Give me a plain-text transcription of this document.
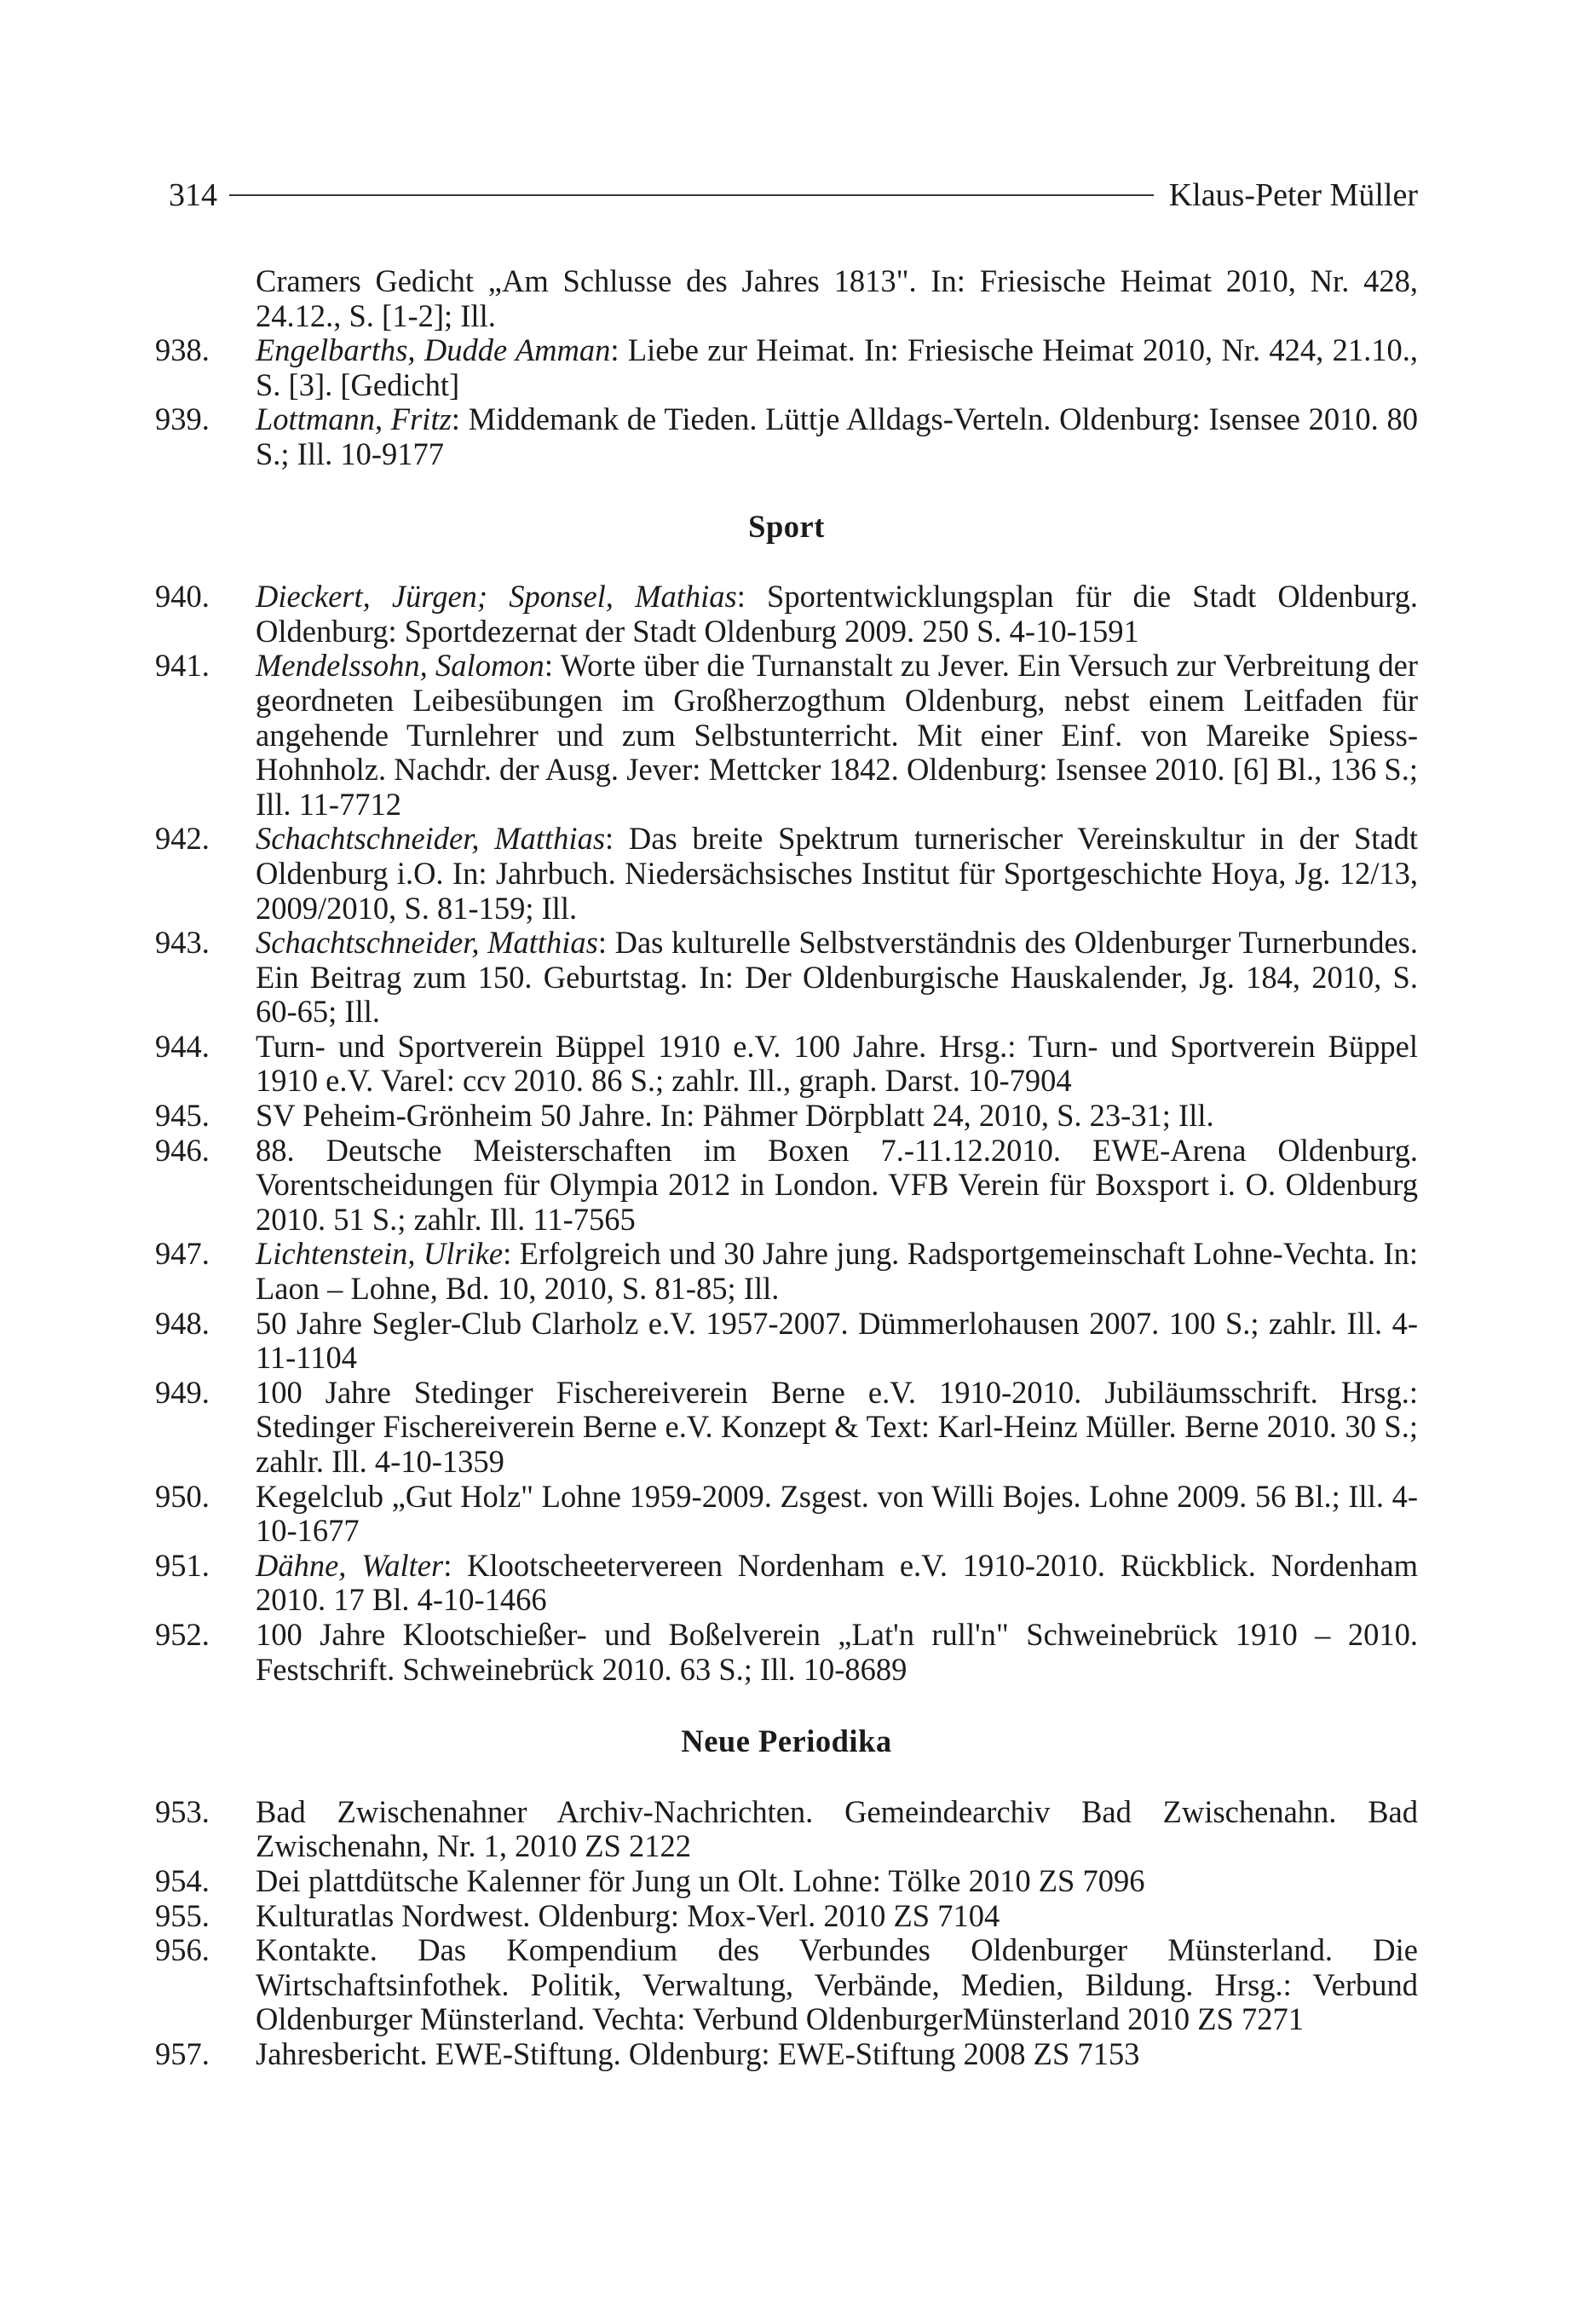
314	Klaus-Peter Müller
Cramers Gedicht „Am Schlusse des Jahres 1813". In: Friesische Heimat 2010, Nr. 428, 24.12., S. [1-2]; Ill.
938.	Engelbarths, Dudde Amman: Liebe zur Heimat. In: Friesische Heimat 2010, Nr. 424, 21.10., S. [3]. [Gedicht]
939.	Lottmann, Fritz: Middemank de Tieden. Lüttje Alldags-Verteln. Oldenburg: Isensee 2010. 80 S.; Ill. 10-9177
Sport
940.	Dieckert, Jürgen; Sponsel, Mathias: Sportentwicklungsplan für die Stadt Oldenburg. Oldenburg: Sportdezernat der Stadt Oldenburg 2009. 250 S. 4-10-1591
941.	Mendelssohn, Salomon: Worte über die Turnanstalt zu Jever. Ein Versuch zur Verbreitung der geordneten Leibesübungen im Großherzogthum Oldenburg, nebst einem Leitfaden für angehende Turnlehrer und zum Selbstunterricht. Mit einer Einf. von Mareike Spiess-Hohnholz. Nachdr. der Ausg. Jever: Mettcker 1842. Oldenburg: Isensee 2010. [6] Bl., 136 S.; Ill. 11-7712
942.	Schachtschneider, Matthias: Das breite Spektrum turnerischer Vereinskultur in der Stadt Oldenburg i.O. In: Jahrbuch. Niedersächsisches Institut für Sportgeschichte Hoya, Jg. 12/13, 2009/2010, S. 81-159; Ill.
943.	Schachtschneider, Matthias: Das kulturelle Selbstverständnis des Oldenburger Turnerbundes. Ein Beitrag zum 150. Geburtstag. In: Der Oldenburgische Hauskalender, Jg. 184, 2010, S. 60-65; Ill.
944.	Turn- und Sportverein Büppel 1910 e.V. 100 Jahre. Hrsg.: Turn- und Sportverein Büppel 1910 e.V. Varel: ccv 2010. 86 S.; zahlr. Ill., graph. Darst. 10-7904
945.	SV Peheim-Grönheim 50 Jahre. In: Pähmer Dörpblatt 24, 2010, S. 23-31; Ill.
946.	88. Deutsche Meisterschaften im Boxen 7.-11.12.2010. EWE-Arena Oldenburg. Vorentscheidungen für Olympia 2012 in London. VFB Verein für Boxsport i. O. Oldenburg 2010. 51 S.; zahlr. Ill. 11-7565
947.	Lichtenstein, Ulrike: Erfolgreich und 30 Jahre jung. Radsportgemeinschaft Lohne-Vechta. In: Laon – Lohne, Bd. 10, 2010, S. 81-85; Ill.
948.	50 Jahre Segler-Club Clarholz e.V. 1957-2007. Dümmerlohausen 2007. 100 S.; zahlr. Ill. 4-11-1104
949.	100 Jahre Stedinger Fischereiverein Berne e.V. 1910-2010. Jubiläumsschrift. Hrsg.: Stedinger Fischereiverein Berne e.V. Konzept & Text: Karl-Heinz Müller. Berne 2010. 30 S.; zahlr. Ill. 4-10-1359
950.	Kegelclub „Gut Holz" Lohne 1959-2009. Zsgest. von Willi Bojes. Lohne 2009. 56 Bl.; Ill. 4-10-1677
951.	Dähne, Walter: Klootscheetervereen Nordenham e.V. 1910-2010. Rückblick. Nordenham 2010. 17 Bl. 4-10-1466
952.	100 Jahre Klootschießer- und Boßelverein „Lat'n rull'n" Schweinebrück 1910 – 2010. Festschrift. Schweinebrück 2010. 63 S.; Ill. 10-8689
Neue Periodika
953.	Bad Zwischenahner Archiv-Nachrichten. Gemeindearchiv Bad Zwischenahn. Bad Zwischenahn, Nr. 1, 2010 ZS 2122
954.	Dei plattdütsche Kalenner för Jung un Olt. Lohne: Tölke 2010 ZS 7096
955.	Kulturatlas Nordwest. Oldenburg: Mox-Verl. 2010 ZS 7104
956.	Kontakte. Das Kompendium des Verbundes Oldenburger Münsterland. Die Wirtschaftsinfothek. Politik, Verwaltung, Verbände, Medien, Bildung. Hrsg.: Verbund Oldenburger Münsterland. Vechta: Verbund OldenburgerMünsterland 2010 ZS 7271
957.	Jahresbericht. EWE-Stiftung. Oldenburg: EWE-Stiftung 2008 ZS 7153
